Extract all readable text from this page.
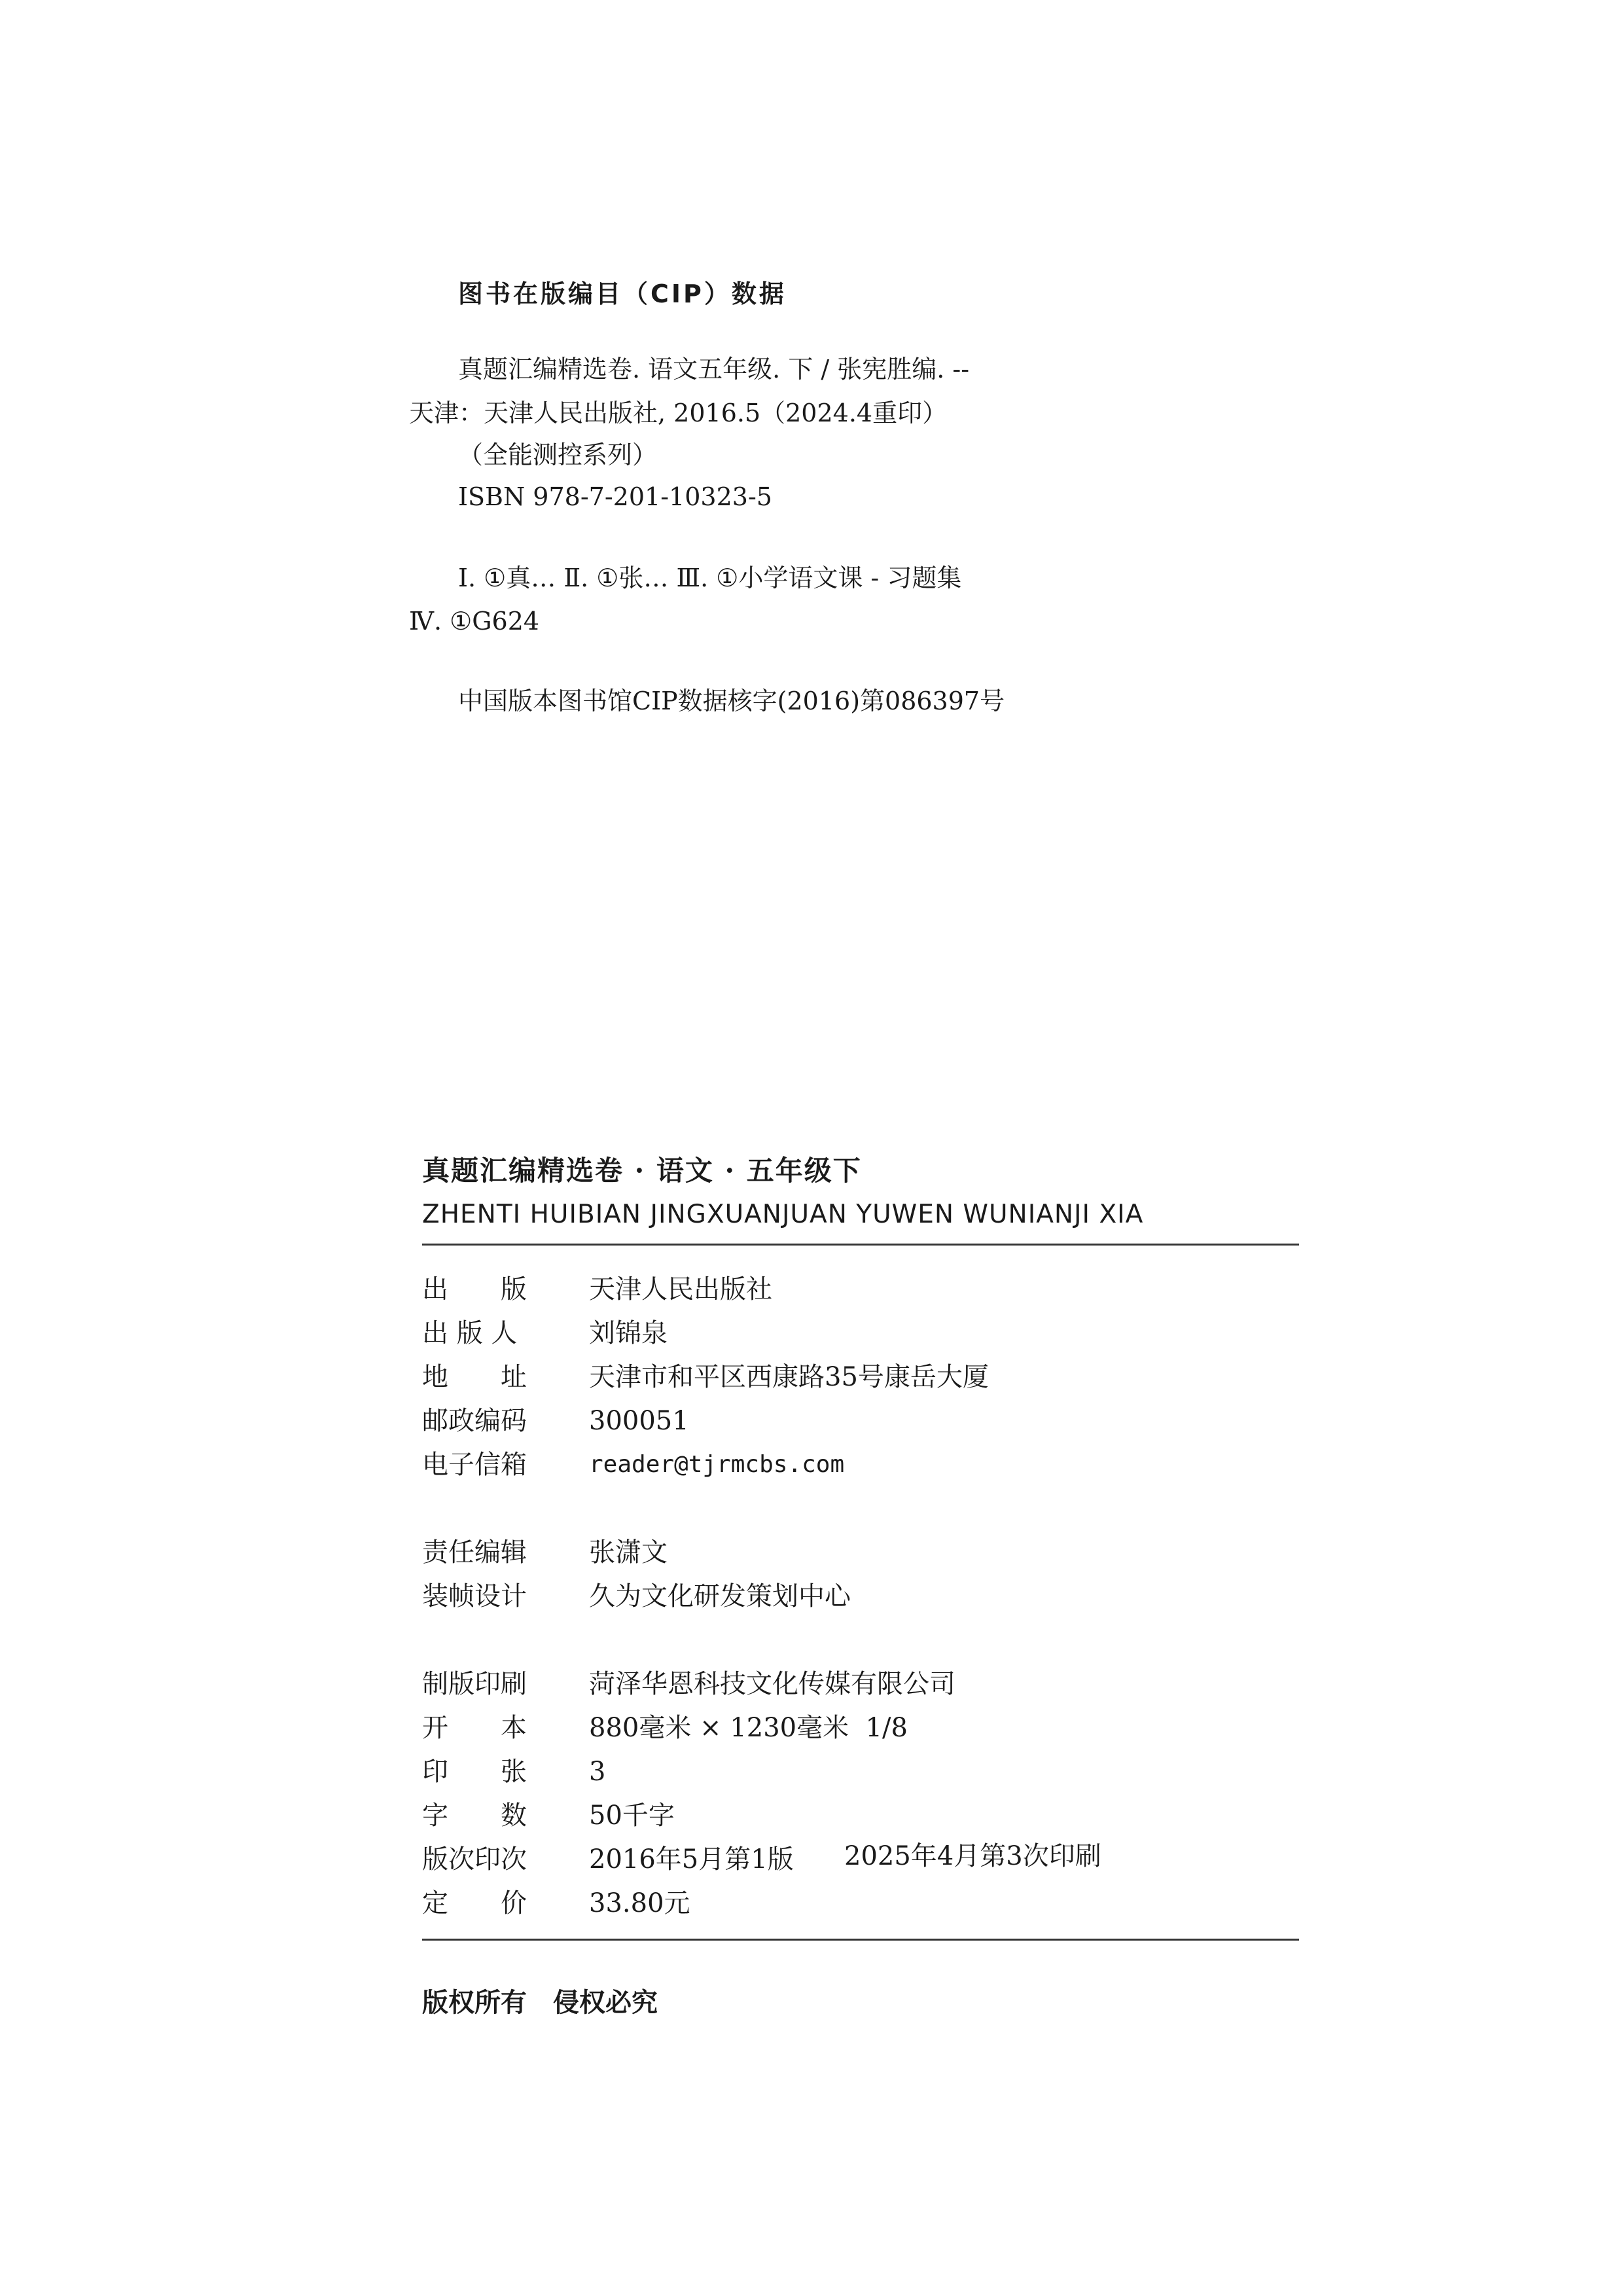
图书在版编目（CIP）数据
真题汇编精选卷. 语文五年级. 下 / 张宪胜编. --
天津：天津人民出版社, 2016.5（2024.4重印）
（全能测控系列）
ISBN 978-7-201-10323-5
Ⅰ. ①真… Ⅱ. ①张… Ⅲ. ①小学语文课 - 习题集
Ⅳ. ①G624
中国版本图书馆CIP数据核字(2016)第086397号
真题汇编精选卷 · 语文 · 五年级下
ZHENTI HUIBIAN JINGXUANJUAN YUWEN WUNIANJI XIA
出　　版 天津人民出版社
出 版 人	刘锦泉
地　　址 天津市和平区西康路35号康岳大厦
邮政编码 300051
电子信箱	reader@tjrmcbs.com
责任编辑 张潇文
装帧设计 久为文化研发策划中心
制版印刷 菏泽华恩科技文化传媒有限公司
开　　本 880毫米 × 1230毫米  1/8
印　　张 3
字　　数 50千字
版次印次 2016年5月第1版 2025年4月第3次印刷
定　　价 33.80元
版权所有　侵权必究
